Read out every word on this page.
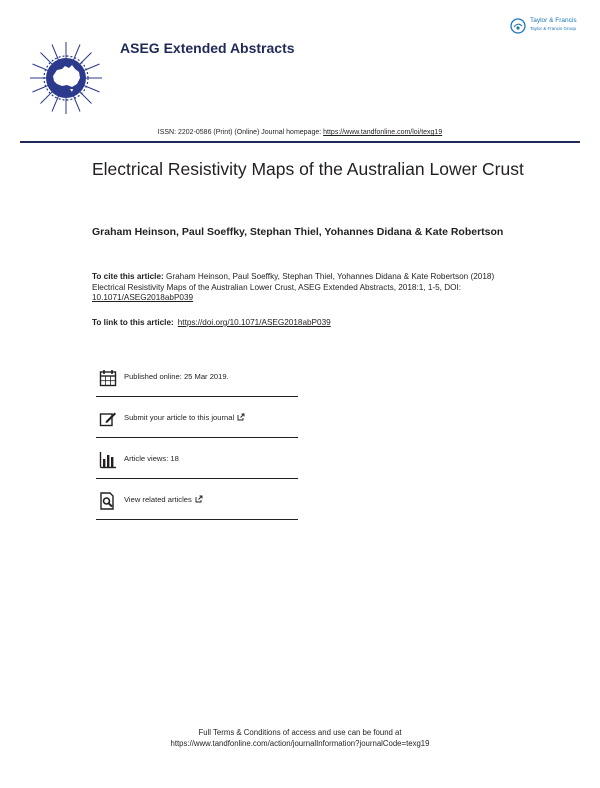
ASEG Extended Abstracts
Taylor & Francis
Taylor & Francis Group
ISSN: 2202-0586 (Print) (Online) Journal homepage: https://www.tandfonline.com/loi/texg19
Electrical Resistivity Maps of the Australian Lower Crust
Graham Heinson, Paul Soeffky, Stephan Thiel, Yohannes Didana & Kate Robertson
To cite this article: Graham Heinson, Paul Soeffky, Stephan Thiel, Yohannes Didana & Kate Robertson (2018) Electrical Resistivity Maps of the Australian Lower Crust, ASEG Extended Abstracts, 2018:1, 1-5, DOI: 10.1071/ASEG2018abP039
To link to this article: https://doi.org/10.1071/ASEG2018abP039
Published online: 25 Mar 2019.
Submit your article to this journal
Article views: 18
View related articles
Full Terms & Conditions of access and use can be found at
https://www.tandfonline.com/action/journalInformation?journalCode=texg19
